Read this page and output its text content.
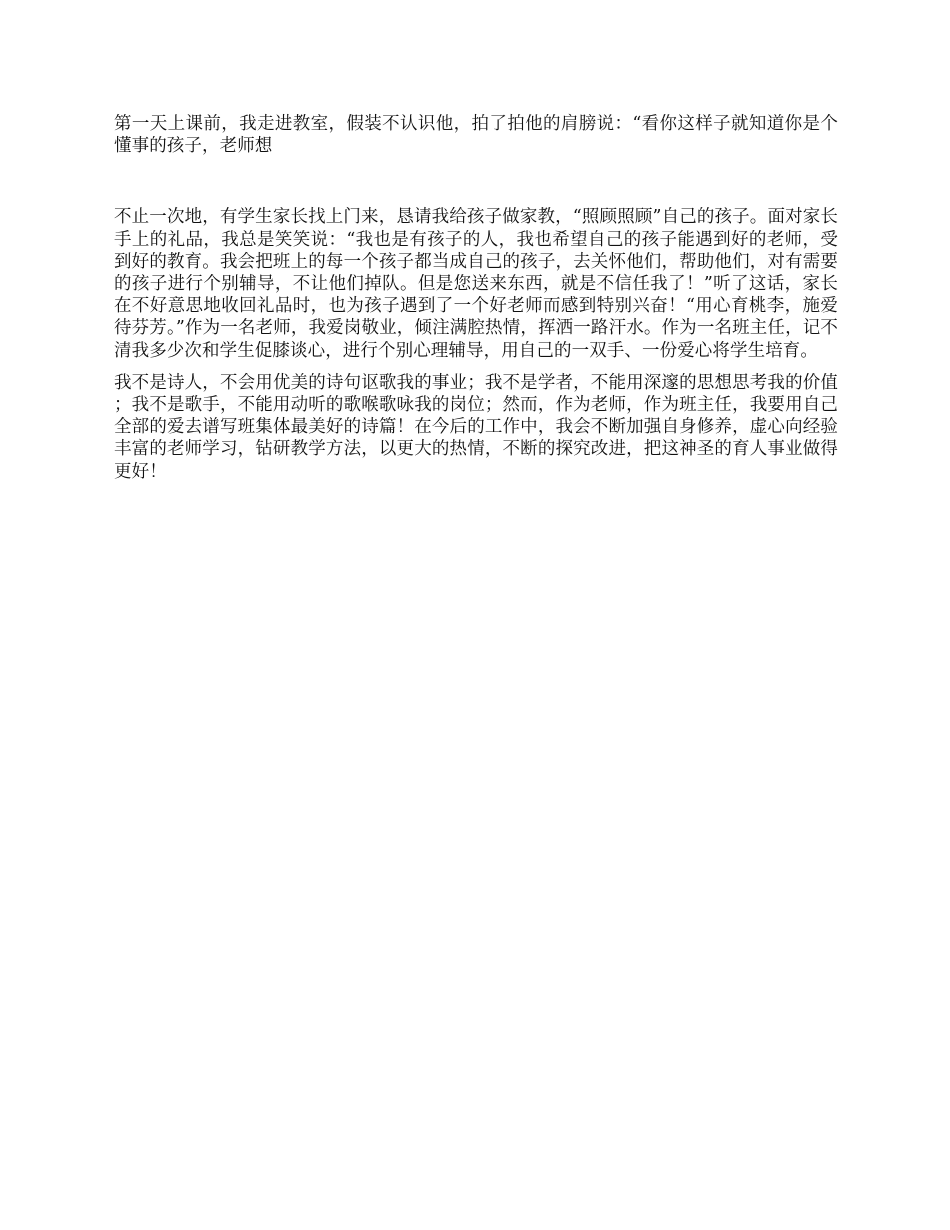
第一天上课前，我走进教室，假装不认识他，拍了拍他的肩膀说：“看你这样子就知道你是个懂事的孩子，老师想

不止一次地，有学生家长找上门来，恳请我给孩子做家教，“照顾照顾”自己的孩子。面对家长手上的礼品，我总是笑笑说：“我也是有孩子的人，我也希望自己的孩子能遇到好的老师，受到好的教育。我会把班上的每一个孩子都当成自己的孩子，去关怀他们，帮助他们，对有需要的孩子进行个别辅导，不让他们掉队。但是您送来东西，就是不信任我了！”听了这话，家长在不好意思地收回礼品时，也为孩子遇到了一个好老师而感到特别兴奋！“用心育桃李，施爱待芬芳。”作为一名老师，我爱岗敬业，倾注满腔热情，挥洒一路汗水。作为一名班主任，记不清我多少次和学生促膝谈心，进行个别心理辅导，用自己的一双手、一份爱心将学生培育。

我不是诗人，不会用优美的诗句讴歌我的事业；我不是学者，不能用深邃的思想思考我的价值；我不是歌手，不能用动听的歌喉歌咏我的岗位；然而，作为老师，作为班主任，我要用自己全部的爱去谱写班集体最美好的诗篇！在今后的工作中，我会不断加强自身修养，虚心向经验丰富的老师学习，钻研教学方法，以更大的热情，不断的探究改进，把这神圣的育人事业做得更好！
